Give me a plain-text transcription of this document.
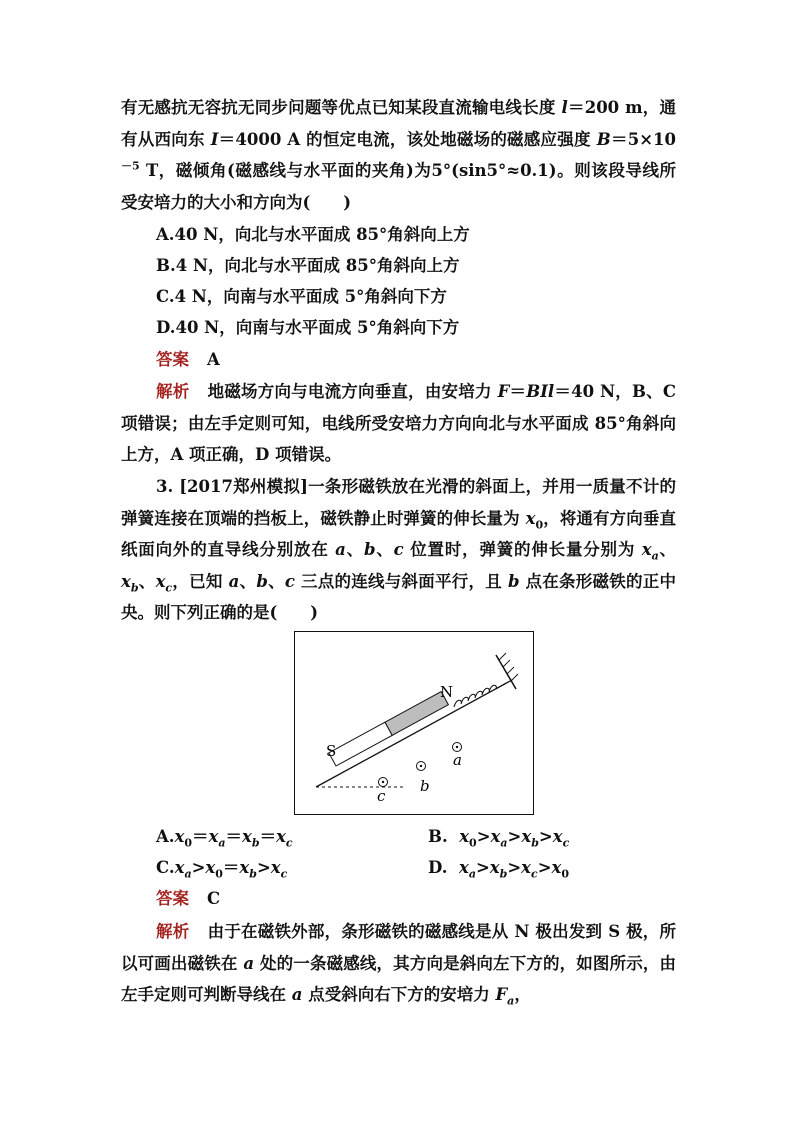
有无感抗无容抗无同步问题等优点已知某段直流输电线长度 l＝200 m，通有从西向东 I＝4000 A 的恒定电流，该处地磁场的磁感应强度 $B=5\times 10^{-5}$ T，磁倾角(磁感线与水平面的夹角)为5°(sin5°≈0.1)。则该段导线所受安培力的大小和方向为(　　)

A.40 N，向北与水平面成 85°角斜向上方

B.4 N，向北与水平面成 85°角斜向上方

C.4 N，向南与水平面成 5°角斜向下方

D.40 N，向南与水平面成 5°角斜向下方

答案 A

解析 地磁场方向与电流方向垂直，由安培力 F＝BIl＝40 N，B、C 项错误；由左手定则可知，电线所受安培力方向向北与水平面成 85°角斜向上方，A 项正确，D 项错误。

3. [2017郑州模拟]一条形磁铁放在光滑的斜面上，并用一质量不计的弹簧连接在顶端的挡板上，磁铁静止时弹簧的伸长量为 $x_0$，将通有方向垂直纸面向外的直导线分别放在 a、b、c 位置时，弹簧的伸长量分别为 $x_a$、$x_b$、$x_c$，已知 a、b、c 三点的连线与斜面平行，且 b 点在条形磁铁的正中央。则下列正确的是(　　)

N
S	a
b
c

$A.x_0=x_a=x_b=x_c$	B. $x_0>x_a>x_b>x_c$

$C.x_a>x_0=x_b>x_c$	D. $x_a>x_b>x_c>x_0$

答案 C

解析 由于在磁铁外部，条形磁铁的磁感线是从 N 极出发到 S 极，所以可画出磁铁在 a 处的一条磁感线，其方向是斜向左下方的，如图所示，由左手定则可判断导线在 a 点受斜向右下方的安培力 $F_a$，
